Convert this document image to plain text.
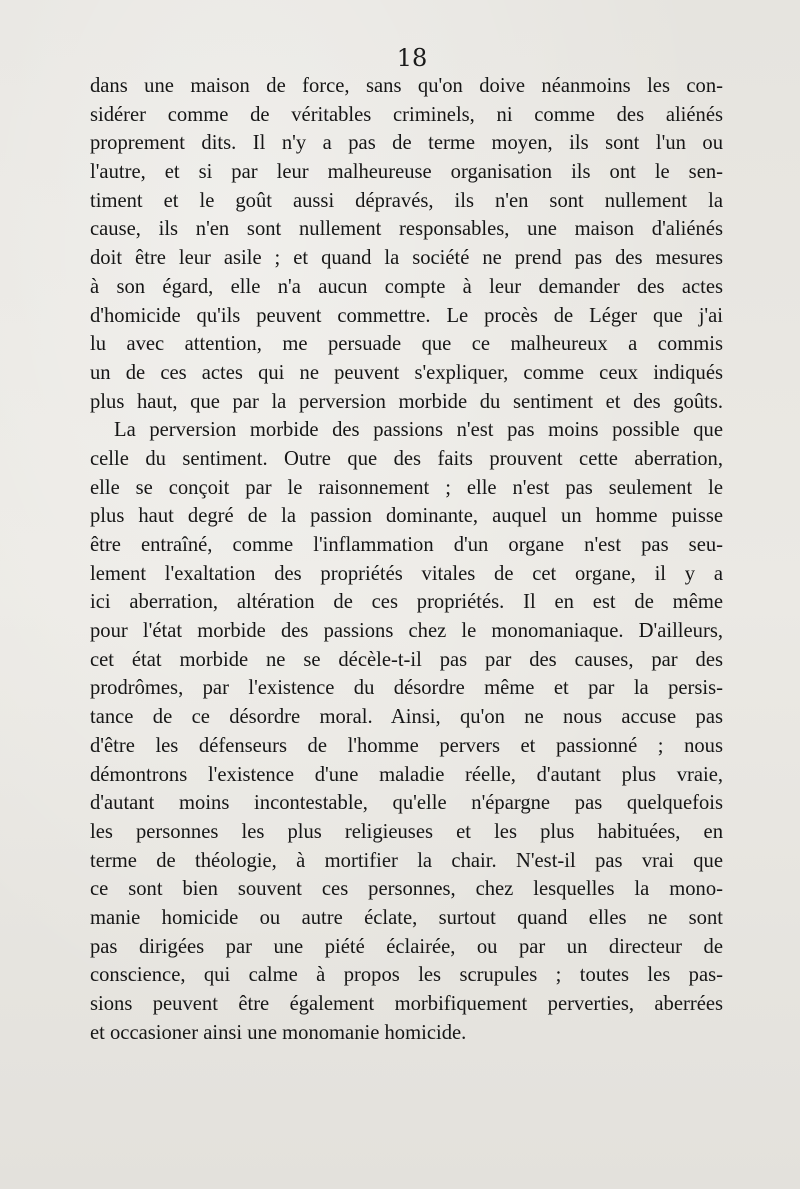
18
dans une maison de force, sans qu'on doive néanmoins les con-
sidérer comme de véritables criminels, ni comme des aliénés
proprement dits. Il n'y a pas de terme moyen, ils sont l'un ou
l'autre, et si par leur malheureuse organisation ils ont le sen-
timent et le goût aussi dépravés, ils n'en sont nullement la
cause, ils n'en sont nullement responsables, une maison d'aliénés
doit être leur asile ; et quand la société ne prend pas des mesures
à son égard, elle n'a aucun compte à leur demander des actes
d'homicide qu'ils peuvent commettre. Le procès de Léger que j'ai
lu avec attention, me persuade que ce malheureux a commis
un de ces actes qui ne peuvent s'expliquer, comme ceux indiqués
plus haut, que par la perversion morbide du sentiment et des goûts.
La perversion morbide des passions n'est pas moins possible que
celle du sentiment. Outre que des faits prouvent cette aberration,
elle se conçoit par le raisonnement ; elle n'est pas seulement le
plus haut degré de la passion dominante, auquel un homme puisse
être entraîné, comme l'inflammation d'un organe n'est pas seu-
lement l'exaltation des propriétés vitales de cet organe, il y a
ici aberration, altération de ces propriétés. Il en est de même
pour l'état morbide des passions chez le monomaniaque. D'ailleurs,
cet état morbide ne se décèle-t-il pas par des causes, par des
prodrômes, par l'existence du désordre même et par la persis-
tance de ce désordre moral. Ainsi, qu'on ne nous accuse pas
d'être les défenseurs de l'homme pervers et passionné ; nous
démontrons l'existence d'une maladie réelle, d'autant plus vraie,
d'autant moins incontestable, qu'elle n'épargne pas quelquefois
les personnes les plus religieuses et les plus habituées, en
terme de théologie, à mortifier la chair. N'est-il pas vrai que
ce sont bien souvent ces personnes, chez lesquelles la mono-
manie homicide ou autre éclate, surtout quand elles ne sont
pas dirigées par une piété éclairée, ou par un directeur de
conscience, qui calme à propos les scrupules ; toutes les pas-
sions peuvent être également morbifiquement perverties, aberrées
et occasioner ainsi une monomanie homicide.
